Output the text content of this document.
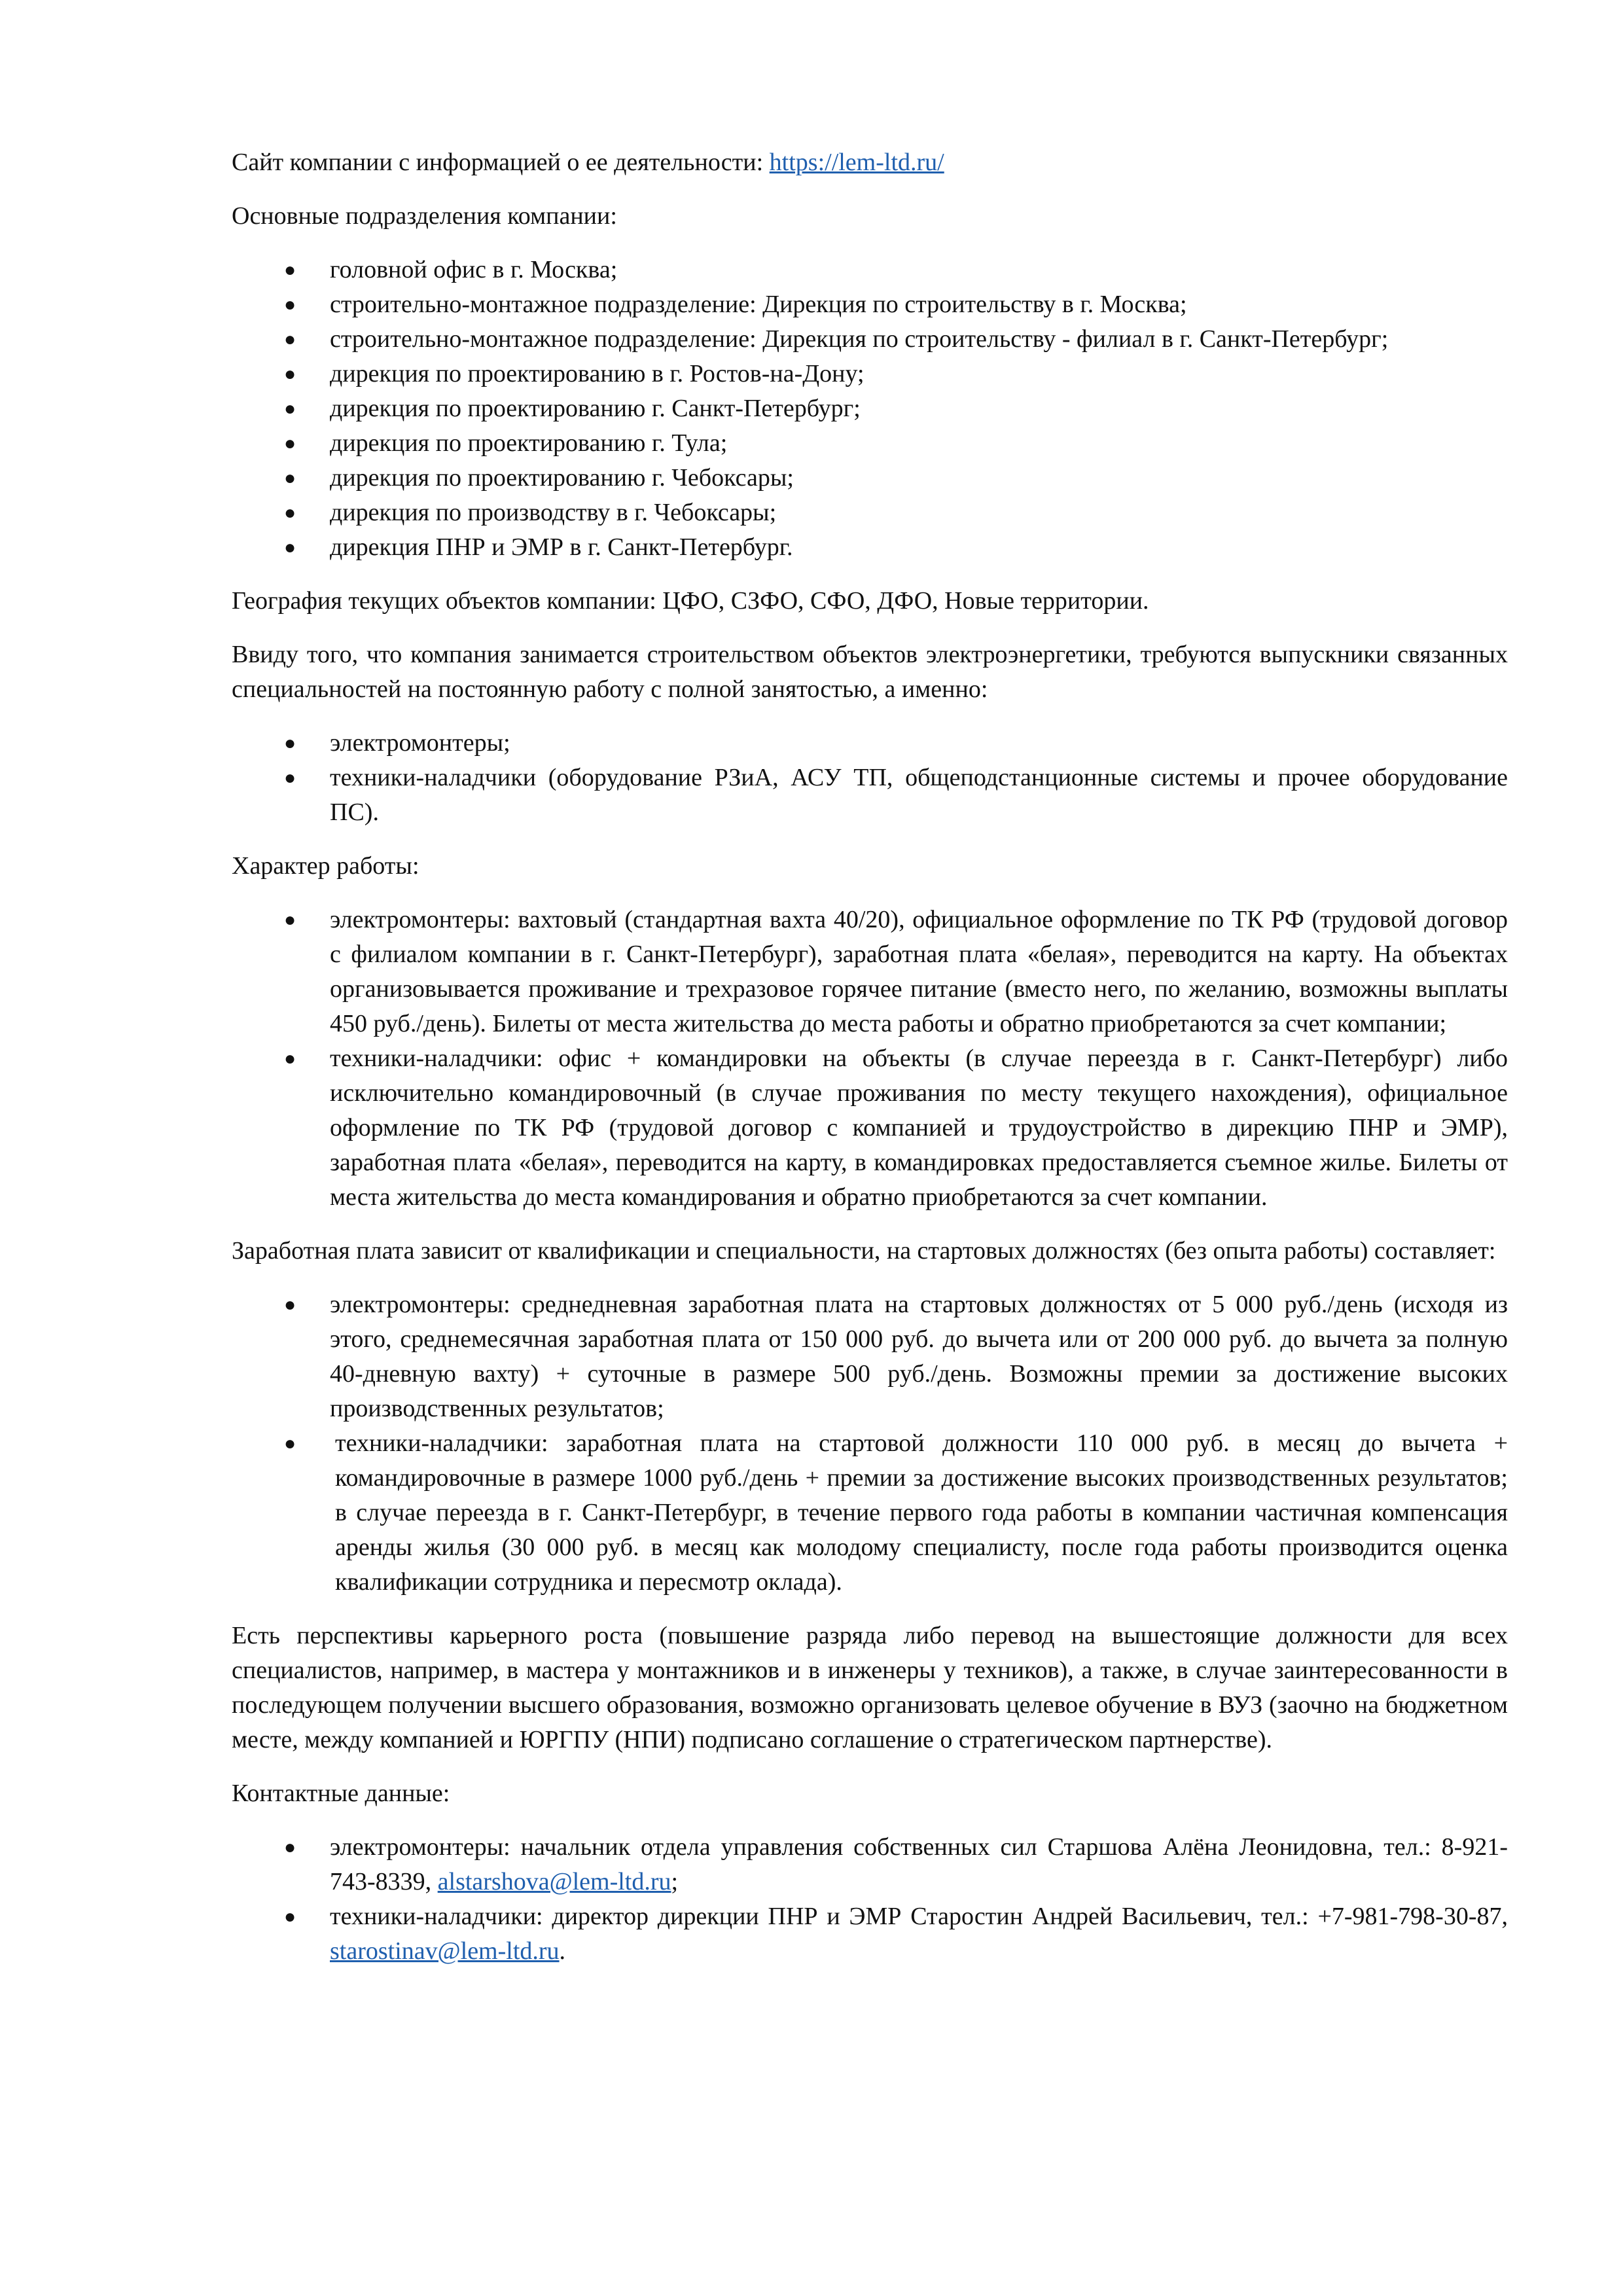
Сайт компании с информацией о ее деятельности: https://lem-ltd.ru/

Основные подразделения компании:

● головной офис в г. Москва;
● строительно-монтажное подразделение: Дирекция по строительству в г. Москва;
● строительно-монтажное подразделение: Дирекция по строительству - филиал в г. Санкт-Петербург;
● дирекция по проектированию в г. Ростов-на-Дону;
● дирекция по проектированию г. Санкт-Петербург;
● дирекция по проектированию г. Тула;
● дирекция по проектированию г. Чебоксары;
● дирекция по производству в г. Чебоксары;
● дирекция ПНР и ЭМР в г. Санкт-Петербург.

География текущих объектов компании: ЦФО, СЗФО, СФО, ДФО, Новые территории.

Ввиду того, что компания занимается строительством объектов электроэнергетики, требуются выпускники связанных специальностей на постоянную работу с полной занятостью, а именно:

● электромонтеры;
● техники-наладчики (оборудование РЗиА, АСУ ТП, общеподстанционные системы и прочее оборудование ПС).

Характер работы:

● электромонтеры: вахтовый (стандартная вахта 40/20), официальное оформление по ТК РФ (трудовой договор с филиалом компании в г. Санкт-Петербург), заработная плата «белая», переводится на карту. На объектах организовывается проживание и трехразовое горячее питание (вместо него, по желанию, возможны выплаты 450 руб./день). Билеты от места жительства до места работы и обратно приобретаются за счет компании;
● техники-наладчики: офис + командировки на объекты (в случае переезда в г. Санкт-Петербург) либо исключительно командировочный (в случае проживания по месту текущего нахождения), официальное оформление по ТК РФ (трудовой договор с компанией и трудоустройство в дирекцию ПНР и ЭМР), заработная плата «белая», переводится на карту, в командировках предоставляется съемное жилье. Билеты от места жительства до места командирования и обратно приобретаются за счет компании.

Заработная плата зависит от квалификации и специальности, на стартовых должностях (без опыта работы) составляет:

● электромонтеры: среднедневная заработная плата на стартовых должностях от 5 000 руб./день (исходя из этого, среднемесячная заработная плата от 150 000 руб. до вычета или от 200 000 руб. до вычета за полную 40-дневную вахту) + суточные в размере 500 руб./день. Возможны премии за достижение высоких производственных результатов;
● техники-наладчики: заработная плата на стартовой должности 110 000 руб. в месяц до вычета + командировочные в размере 1000 руб./день + премии за достижение высоких производственных результатов; в случае переезда в г. Санкт-Петербург, в течение первого года работы в компании частичная компенсация аренды жилья (30 000 руб. в месяц как молодому специалисту, после года работы производится оценка квалификации сотрудника и пересмотр оклада).

Есть перспективы карьерного роста (повышение разряда либо перевод на вышестоящие должности для всех специалистов, например, в мастера у монтажников и в инженеры у техников), а также, в случае заинтересованности в последующем получении высшего образования, возможно организовать целевое обучение в ВУЗ (заочно на бюджетном месте, между компанией и ЮРГПУ (НПИ) подписано соглашение о стратегическом партнерстве).

Контактные данные:

● электромонтеры: начальник отдела управления собственных сил Старшова Алёна Леонидовна, тел.: 8-921-743-8339, alstarshova@lem-ltd.ru;
● техники-наладчики: директор дирекции ПНР и ЭМР Старостин Андрей Васильевич, тел.: +7-981-798-30-87, starostinav@lem-ltd.ru.
